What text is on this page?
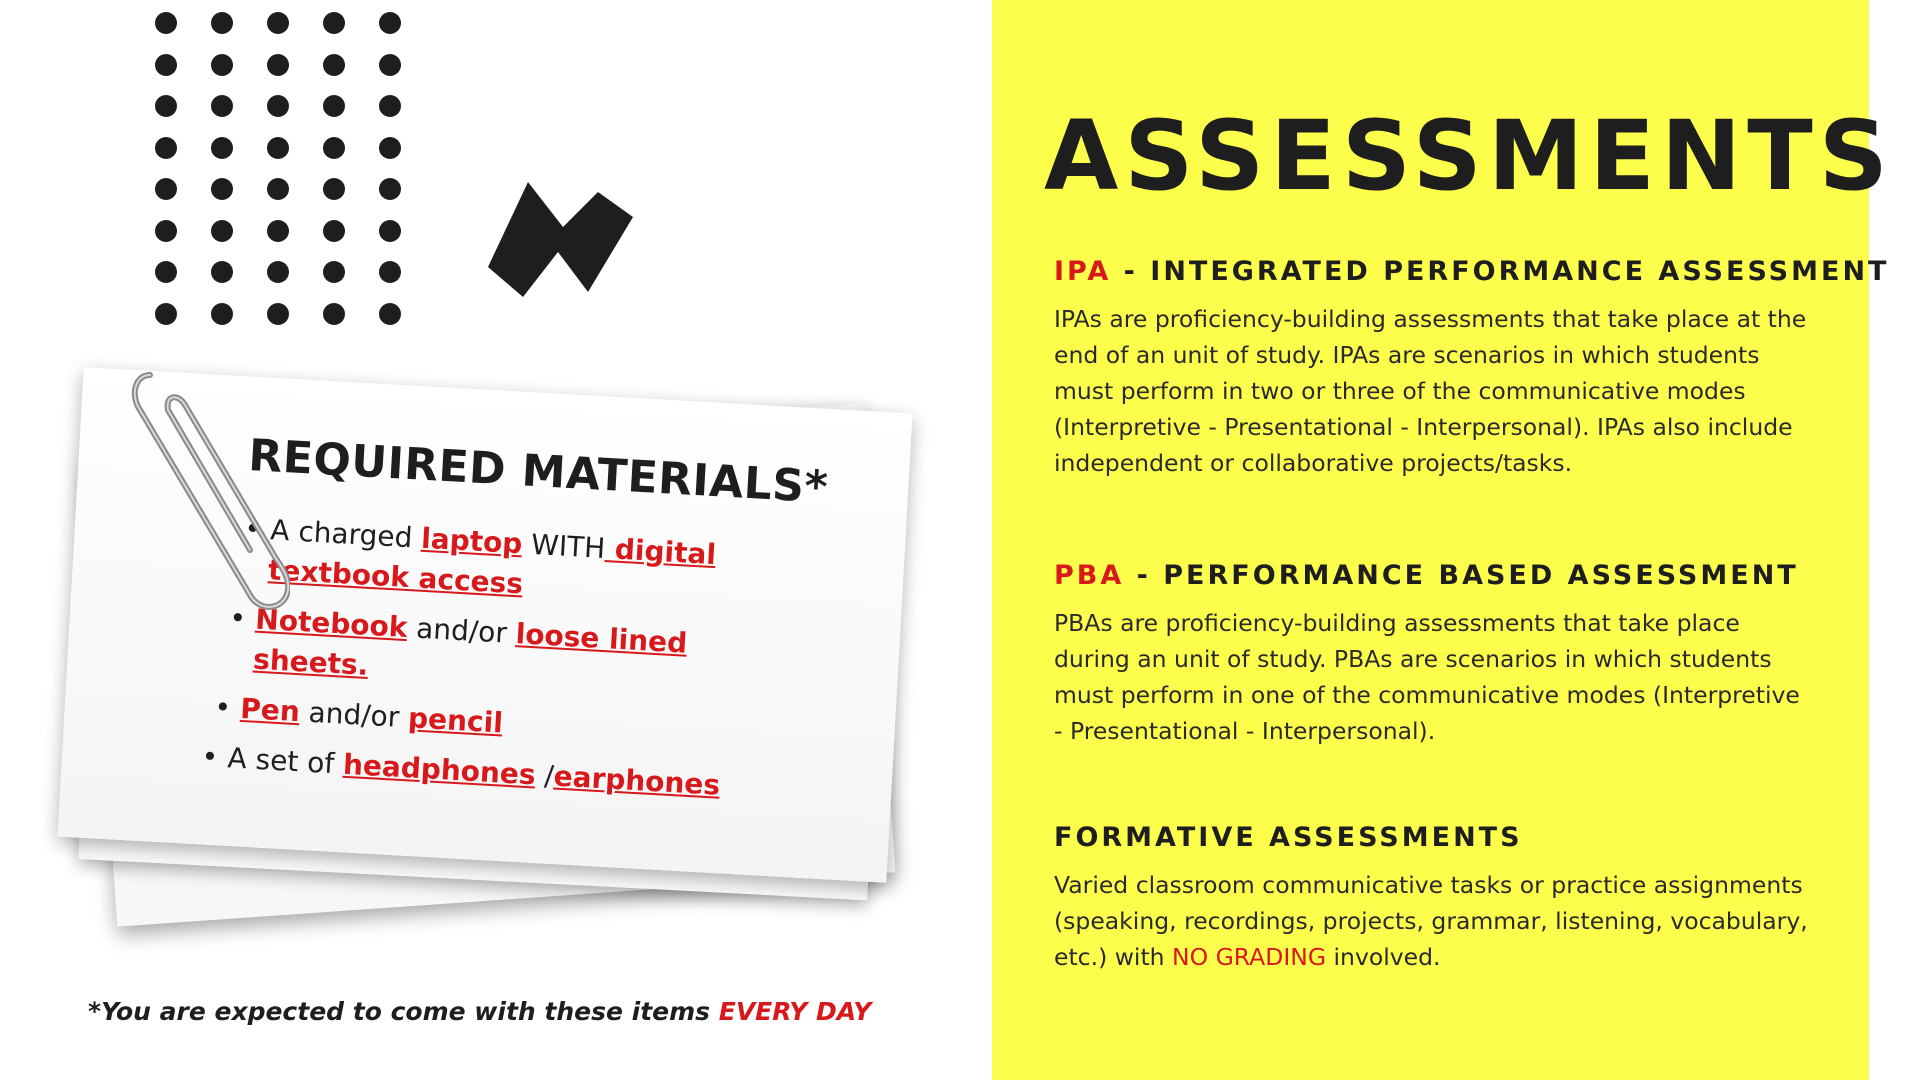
REQUIRED MATERIALS*
• A charged laptop WITH digital textbook access
• Notebook and/or loose lined sheets.
• Pen and/or pencil
• A set of headphones /earphones
*You are expected to come with these items EVERY DAY
ASSESSMENTS
IPA - INTEGRATED PERFORMANCE ASSESSMENT
IPAs are proficiency-building assessments that take place at the end of an unit of study. IPAs are scenarios in which students must perform in two or three of the communicative modes (Interpretive - Presentational - Interpersonal). IPAs also include independent or collaborative projects/tasks.
PBA - PERFORMANCE BASED ASSESSMENT
PBAs are proficiency-building assessments that take place during an unit of study. PBAs are scenarios in which students must perform in one of the communicative modes (Interpretive - Presentational - Interpersonal).
FORMATIVE ASSESSMENTS
Varied classroom communicative tasks or practice assignments (speaking, recordings, projects, grammar, listening, vocabulary, etc.) with NO GRADING involved.
